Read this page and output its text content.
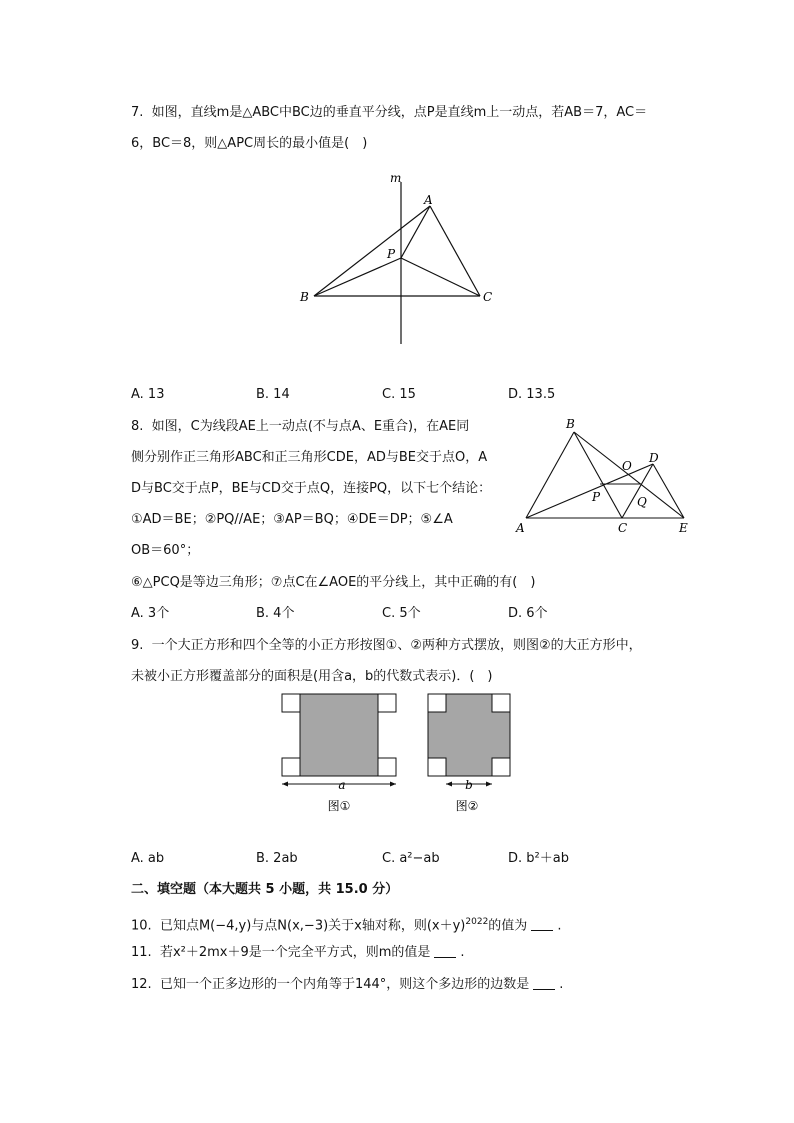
7. 如图，直线m是△ABC中BC边的垂直平分线，点P是直线m上一动点，若AB＝7，AC＝
6，BC＝8，则△APC周长的最小值是(　)
m
A
P
B	C
A. 13	B. 14	C. 15	D. 13.5
8. 如图，C为线段AE上一动点(不与点A、E重合)，在AE同
侧分别作正三角形ABC和正三角形CDE，AD与BE交于点O，A
D与BC交于点P，BE与CD交于点Q，连接PQ，以下七个结论：
①AD＝BE；②PQ//AE；③AP＝BQ；④DE＝DP；⑤∠A
OB＝60°；
⑥△PCQ是等边三角形；⑦点C在∠AOE的平分线上，其中正确的有(　)
B
O
D
P	Q
A	C	E
A. 3个	B. 4个	C. 5个	D. 6个
9. 一个大正方形和四个全等的小正方形按图①、②两种方式摆放，则图②的大正方形中，
未被小正方形覆盖部分的面积是(用含a，b的代数式表示)．(　)
a
图①
b
图②
A. ab	B. 2ab	C. a²−ab	D. b²＋ab
二、填空题（本大题共 5 小题，共 15.0 分）
10. 已知点M(−4,y)与点N(x,−3)关于x轴对称，则$(x+y)^{2022}$的值为 .
11. 若x²＋2mx＋9是一个完全平方式，则m的值是 .
12. 已知一个正多边形的一个内角等于144°，则这个多边形的边数是 .
